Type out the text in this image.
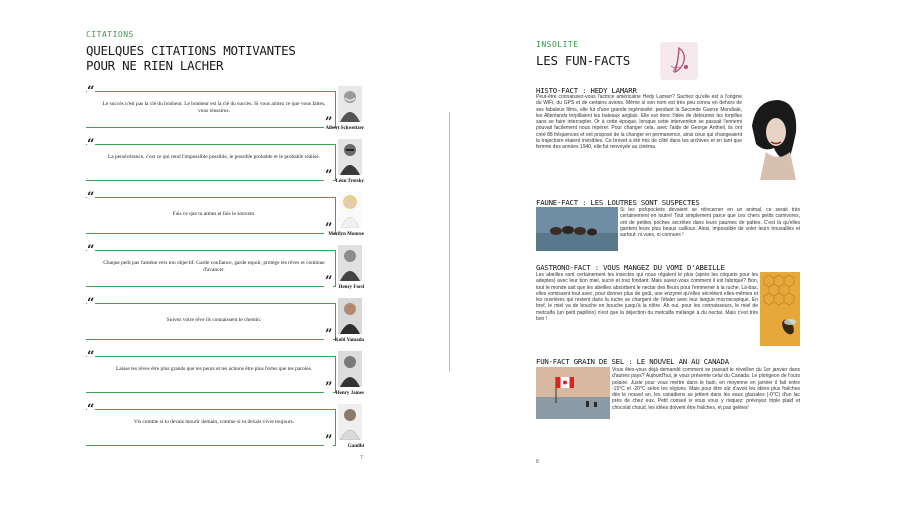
CITATIONS
QUELQUES CITATIONS MOTIVANTES
POUR NE RIEN LACHER
“
Le succès n'est pas la clé du bonheur. Le bonheur est la clé du succès. Si vous aimez ce que vous faites, vous réussirez.
”
Albert Schweitzer
“
La persévérance, c'est ce qui rend l'impossible possible, le possible probable et le probable réalisé.
” Léon Trotsky
“
Fais ce que tu aimes et fais le souvent.
”
Marilyn Monroe
“
Chaque petit pas t'amène vers ton objectif. Garde confiance, garde espoir, protège tes rêves et continue d'avancer.
”	Henry Ford
“
Suivez votre rêve ils connaissent le chemin.
” Kobi Yamada
“
Laisse tes rêves être plus grands que tes peurs et tes actions être plus fortes que tes paroles.
” Henry James
“
Vis comme si tu devais mourir demain, comme si tu devais vivre toujours.
”	Gandhi
7
INSOLITE
LES FUN-FACTS
HISTO-FACT : HEDY LAMARR
Peut-être connaissez-vous l'actrice américaine Hedy Lamarr? Sachez qu'elle est à l'origine du WiFi, du GPS et de certains avions. Même si son nom est très peu connu en dehors de ses fabuleux films, elle fut d'une grande ingéniosité: pendant la Seconde Guerre Mondiale, les Allemands torpillaient les bateaux anglais. Elle eut donc l'idée de détourner les torpilles sans se faire intercepter. Or à cette époque, lorsque cette intervention se passait l'ennemi pouvait facilement nous repérer. Pour changer cela, avec l'aide de George Antheil, ils ont créé 88 fréquences et ont proposé de la changer en permanence, ainsi ceux qui changeaient la trajectoire étaient invisibles. Ce brevet a été mis de côté dans les archives et en tant que femme des années 1940, elle fut renvoyée au cinéma.
FAUNE-FACT : LES LOUTRES SONT SUSPECTES
Si les pickpockets devaient se réincarner en un animal, ce serait très certainement en loutre! Tout simplement parce que ces chers petits carnivores, ont de petites poches secrètes dans leurs paumes de pattes. C'est là qu'elles gardent leurs plus beaux cailloux. Ainsi, impossible de voler leurs trouvailles et surtout: ni vues, ni connues !
GASTRONO-FACT : VOUS MANGEZ DU VOMI D'ABEILLE
Les abeilles sont certainement les insectes qui nous régalent le plus (après les criquets pour les adeptes) avec leur bon miel, sucré et tout fondant. Mais savez-vous comment il est fabriqué? Bon, tout le monde sait que les abeilles absorbent le nectar des fleurs pour l'emmener à la ruche. Là-bas, elles vomissent tout avec, pour donner plus de goût, une enzyme qu'elles sécrètent elles-mêmes et les ouvrières qui restent dans la ruche se chargent de l'étaler avec leur langue microscopique. En bref, le miel va de bouche en bouche jusqu'à la nôtre. Ah oui, pour les connaisseurs, le miel de metcalfa (un petit papillon) n'est que la déjection du metcalfa mélangé à du nectar. Mais c'est très bon !
FUN-FACT GRAIN DE SEL : LE NOUVEL AN AU CANADA
Vous êtes-vous déjà demandé comment se passait le réveillon du 1er janvier dans d'autres pays? Aujourd'hui, je vous présente celui du Canada: Le plongeon de l'ours polaire. Juste pour vous mettre dans le bain, en moyenne en janvier il fait entre -15°C et -20°C selon les régions. Mais pour être sûr d'avoir les idées plus fraîches dès le nouvel an, les canadiens se jettent dans les eaux glaciales (-0°C) d'un lac près de chez eux. Petit conseil si vous vous y risquez: prévoyez triple plaid et chocolat chaud, les idées doivent être fraîches, et pas gelées!
8
